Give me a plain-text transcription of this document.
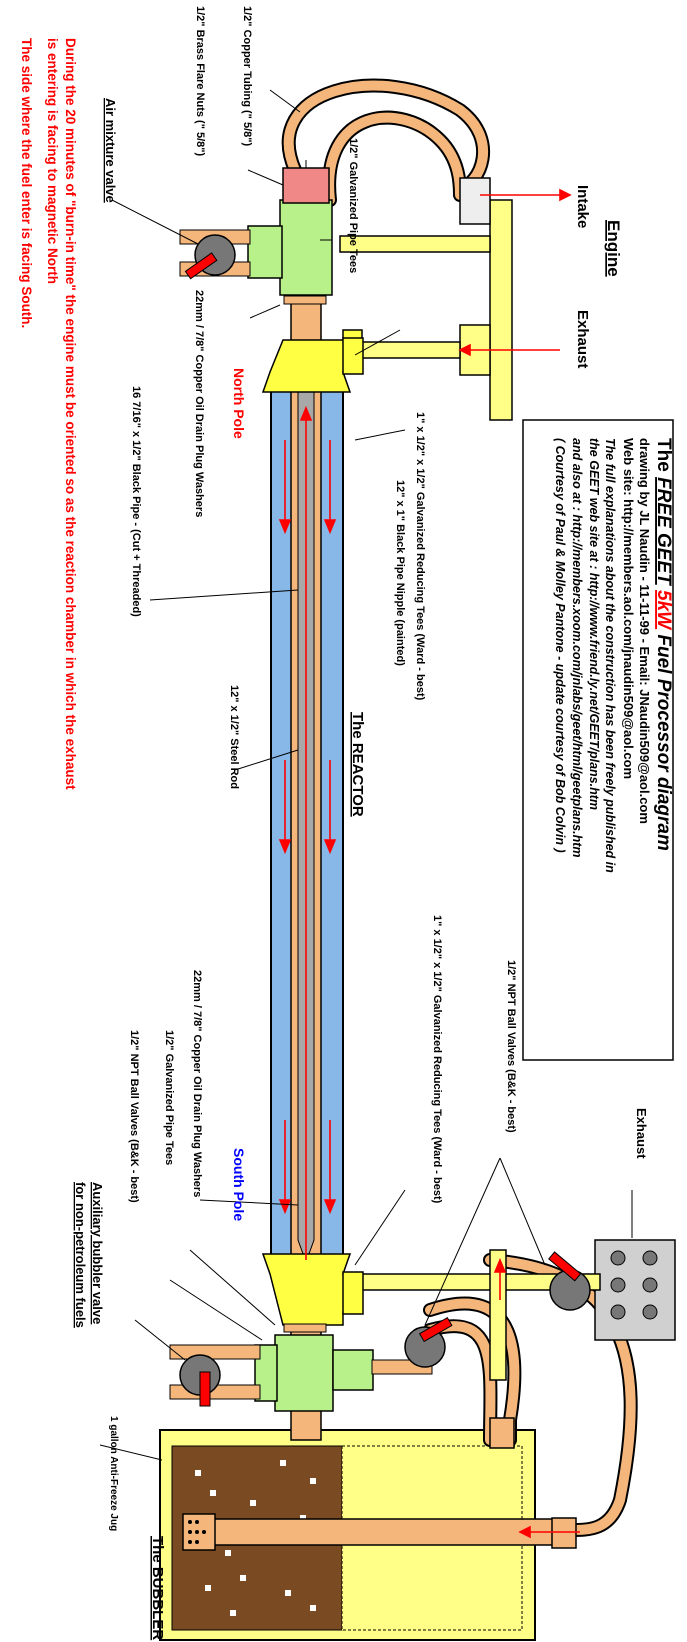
The FREE GEET 5kW Fuel Processor diagram
drawing by JL Naudin - 11-11-99 - Email: JNaudin509@aol.com
Web site: http://members.aol.com/jnaudin509@aol.com
The full explanations about the construction has been freely published in
the GEET web site at : http://www.friend.ly.net/GEET/plans.htm
and also at : http://members.xoom.com/jnlabs/geet/html/geetplans.htm
( Courtesy of Paul & Molley Pantone - update courtesy of Bob Colvin )
1/2" Copper Tubing (" 5/8")
1/2" Brass Flare Nuts (" 5/8")
1/2" Galvanized Pipe Tees
Air mixture valve
22mm / 7/8" Copper Oil Drain Plug Washers
Engine
Intake
Exhaust
North Pole
16 7/16" x 1/2" Black Pipe - (Cut + Threaded)	1" x 1/2" x 1/2" Galvanized Reducing Tees (Ward - best)
12" x 1" Black Pipe Nipple (painted)
12" x 1/2" Steel Rod	The REACTOR
1" x 1/2" x 1/2" Galvanized Reducing Tees (Ward - best)
22mm / 7/8" Copper Oil Drain Plug Washers
1/2" Galvanized Pipe Tees
1/2" NPT Ball Valves (B&K - best)	1/2" NPT Ball Valves (B&K - best)
South Pole
Exhaust
Auxiliary bubbler valve
for non-petroleum fuels
1 gallon Anti-Freeze Jug
The BUBBLER
During the 20 minutes of "burn-in time" the engine must be oriented so as the reaction chamber in which the exhaust
is entering is facing to magnetic North
The side where the fuel enter is facing South.
